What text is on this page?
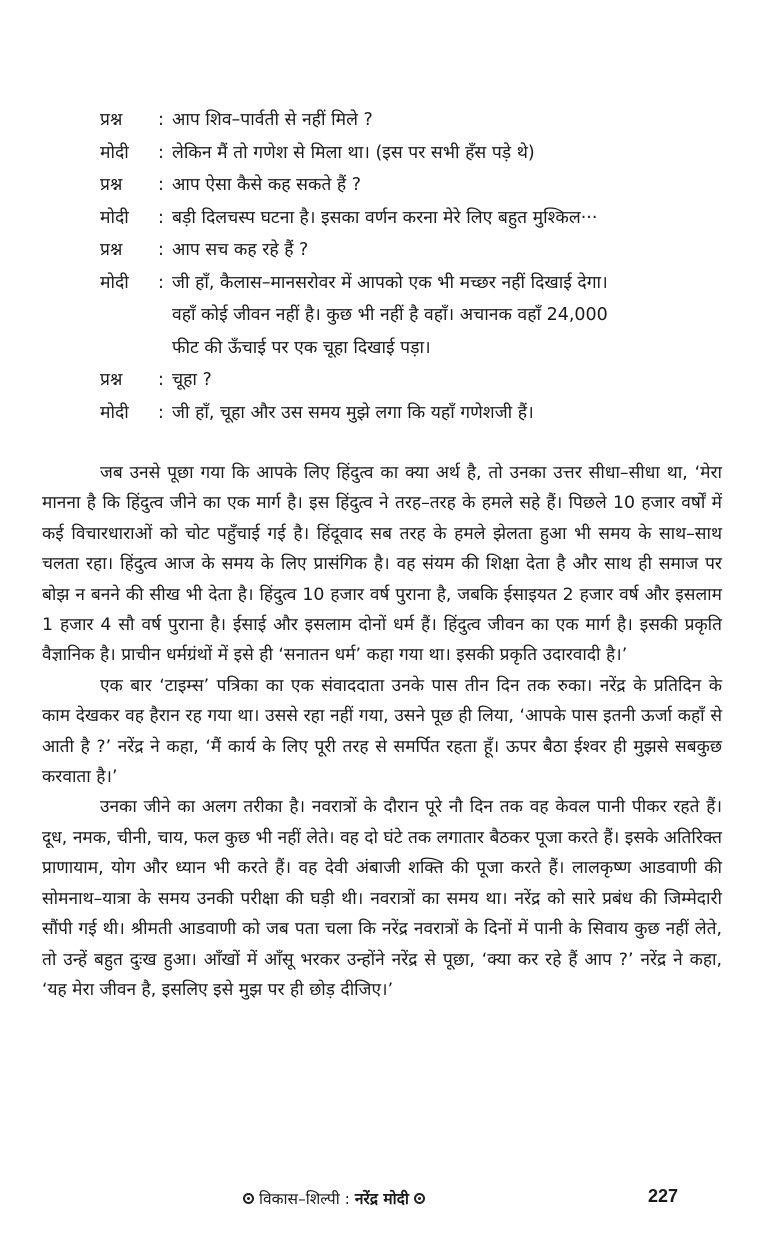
प्रश्न	: आप शिव–पार्वती से नहीं मिले ?
मोदी	: लेकिन मैं तो गणेश से मिला था। (इस पर सभी हँस पड़े थे)
प्रश्न	: आप ऐसा कैसे कह सकते हैं ?
मोदी	: बड़ी दिलचस्प घटना है। इसका वर्णन करना मेरे लिए बहुत मुश्किल···
प्रश्न	: आप सच कह रहे हैं ?
मोदी	: जी हाँ, कैलास–मानसरोवर में आपको एक भी मच्छर नहीं दिखाई देगा।
वहाँ कोई जीवन नहीं है। कुछ भी नहीं है वहाँ। अचानक वहाँ 24,000
फीट की ऊँचाई पर एक चूहा दिखाई पड़ा।
प्रश्न	: चूहा ?
मोदी	: जी हाँ, चूहा और उस समय मुझे लगा कि यहाँ गणेशजी हैं।

जब उनसे पूछा गया कि आपके लिए हिंदुत्व का क्या अर्थ है, तो उनका उत्तर सीधा–सीधा था, ‘मेरा मानना है कि हिंदुत्व जीने का एक मार्ग है। इस हिंदुत्व ने तरह–तरह के हमले सहे हैं। पिछले 10 हजार वर्षों में कई विचारधाराओं को चोट पहुँचाई गई है। हिंदूवाद सब तरह के हमले झेलता हुआ भी समय के साथ–साथ चलता रहा। हिंदुत्व आज के समय के लिए प्रासंगिक है। वह संयम की शिक्षा देता है और साथ ही समाज पर बोझ न बनने की सीख भी देता है। हिंदुत्व 10 हजार वर्ष पुराना है, जबकि ईसाइयत 2 हजार वर्ष और इसलाम 1 हजार 4 सौ वर्ष पुराना है। ईसाई और इसलाम दोनों धर्म हैं। हिंदुत्व जीवन का एक मार्ग है। इसकी प्रकृति वैज्ञानिक है। प्राचीन धर्मग्रंथों में इसे ही ‘सनातन धर्म’ कहा गया था। इसकी प्रकृति उदारवादी है।’

एक बार ‘टाइम्स’ पत्रिका का एक संवाददाता उनके पास तीन दिन तक रुका। नरेंद्र के प्रतिदिन के काम देखकर वह हैरान रह गया था। उससे रहा नहीं गया, उसने पूछ ही लिया, ‘आपके पास इतनी ऊर्जा कहाँ से आती है ?’ नरेंद्र ने कहा, ‘मैं कार्य के लिए पूरी तरह से समर्पित रहता हूँ। ऊपर बैठा ईश्वर ही मुझसे सबकुछ करवाता है।’

उनका जीने का अलग तरीका है। नवरात्रों के दौरान पूरे नौ दिन तक वह केवल पानी पीकर रहते हैं। दूध, नमक, चीनी, चाय, फल कुछ भी नहीं लेते। वह दो घंटे तक लगातार बैठकर पूजा करते हैं। इसके अतिरिक्त प्राणायाम, योग और ध्यान भी करते हैं। वह देवी अंबाजी शक्ति की पूजा करते हैं। लालकृष्ण आडवाणी की सोमनाथ–यात्रा के समय उनकी परीक्षा की घड़ी थी। नवरात्रों का समय था। नरेंद्र को सारे प्रबंध की जिम्मेदारी सौंपी गई थी। श्रीमती आडवाणी को जब पता चला कि नरेंद्र नवरात्रों के दिनों में पानी के सिवाय कुछ नहीं लेते, तो उन्हें बहुत दुःख हुआ। आँखों में आँसू भरकर उन्होंने नरेंद्र से पूछा, ‘क्या कर रहे हैं आप ?’ नरेंद्र ने कहा, ‘यह मेरा जीवन है, इसलिए इसे मुझ पर ही छोड़ दीजिए।’

विकास–शिल्पी : नरेंद्र मोदी	227
